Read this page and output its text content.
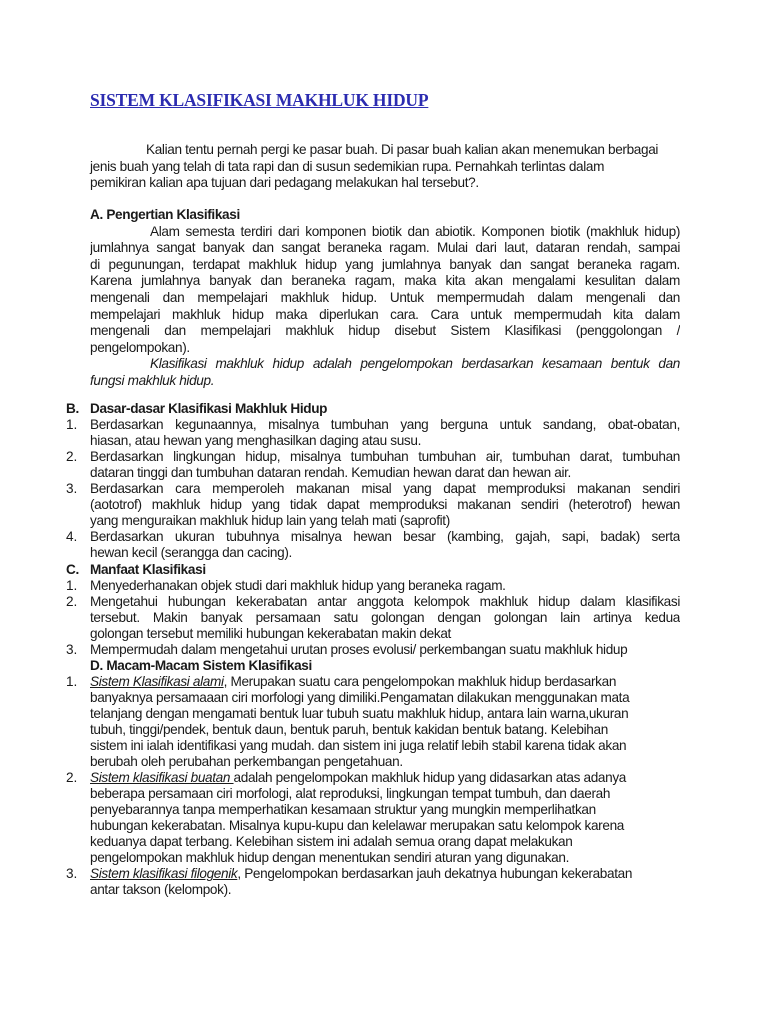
SISTEM KLASIFIKASI MAKHLUK HIDUP
Kalian tentu pernah pergi ke pasar buah. Di pasar buah kalian akan menemukan berbagai
jenis buah yang telah di tata rapi dan di susun sedemikian rupa. Pernahkah terlintas dalam
pemikiran kalian apa tujuan dari pedagang melakukan hal tersebut?.
A. Pengertian Klasifikasi
Alam semesta terdiri dari komponen biotik dan abiotik. Komponen biotik (makhluk hidup)
jumlahnya sangat banyak dan sangat beraneka ragam. Mulai dari laut, dataran rendah, sampai
di pegunungan, terdapat makhluk hidup yang jumlahnya banyak dan sangat beraneka ragam.
Karena jumlahnya banyak dan beraneka ragam, maka kita akan mengalami kesulitan dalam
mengenali dan mempelajari makhluk hidup. Untuk mempermudah dalam mengenali dan
mempelajari makhluk hidup maka diperlukan cara. Cara untuk mempermudah kita dalam
mengenali dan mempelajari makhluk hidup disebut Sistem Klasifikasi (penggolongan /
pengelompokan).
Klasifikasi makhluk hidup adalah pengelompokan berdasarkan kesamaan bentuk dan
fungsi makhluk hidup.
B. Dasar-dasar Klasifikasi Makhluk Hidup
1. Berdasarkan kegunaannya, misalnya tumbuhan yang berguna untuk sandang, obat-obatan,
hiasan, atau hewan yang menghasilkan daging atau susu.
2. Berdasarkan lingkungan hidup, misalnya tumbuhan tumbuhan air, tumbuhan darat, tumbuhan
dataran tinggi dan tumbuhan dataran rendah. Kemudian hewan darat dan hewan air.
3. Berdasarkan cara memperoleh makanan misal yang dapat memproduksi makanan sendiri
(aototrof) makhluk hidup yang tidak dapat memproduksi makanan sendiri (heterotrof) hewan
yang menguraikan makhluk hidup lain yang telah mati (saprofit)
4. Berdasarkan ukuran tubuhnya misalnya hewan besar (kambing, gajah, sapi, badak) serta
hewan kecil (serangga dan cacing).
C. Manfaat Klasifikasi
1. Menyederhanakan objek studi dari makhluk hidup yang beraneka ragam.
2. Mengetahui hubungan kekerabatan antar anggota kelompok makhluk hidup dalam klasifikasi
tersebut. Makin banyak persamaan satu golongan dengan golongan lain artinya kedua
golongan tersebut memiliki hubungan kekerabatan makin dekat
3. Mempermudah dalam mengetahui urutan proses evolusi/ perkembangan suatu makhluk hidup
D. Macam-Macam Sistem Klasifikasi
1. Sistem Klasifikasi alami, Merupakan suatu cara pengelompokan makhluk hidup berdasarkan
banyaknya persamaaan ciri morfologi yang dimiliki.Pengamatan dilakukan menggunakan mata
telanjang dengan mengamati bentuk luar tubuh suatu makhluk hidup, antara lain warna,ukuran
tubuh, tinggi/pendek, bentuk daun, bentuk paruh, bentuk kakidan bentuk batang. Kelebihan
sistem ini ialah identifikasi yang mudah. dan sistem ini juga relatif lebih stabil karena tidak akan
berubah oleh perubahan perkembangan pengetahuan.
2. Sistem klasifikasi buatan adalah pengelompokan makhluk hidup yang didasarkan atas adanya
beberapa persamaan ciri morfologi, alat reproduksi, lingkungan tempat tumbuh, dan daerah
penyebarannya tanpa memperhatikan kesamaan struktur yang mungkin memperlihatkan
hubungan kekerabatan. Misalnya kupu-kupu dan kelelawar merupakan satu kelompok karena
keduanya dapat terbang. Kelebihan sistem ini adalah semua orang dapat melakukan
pengelompokan makhluk hidup dengan menentukan sendiri aturan yang digunakan.
3. Sistem klasifikasi filogenik, Pengelompokan berdasarkan jauh dekatnya hubungan kekerabatan
antar takson (kelompok).
